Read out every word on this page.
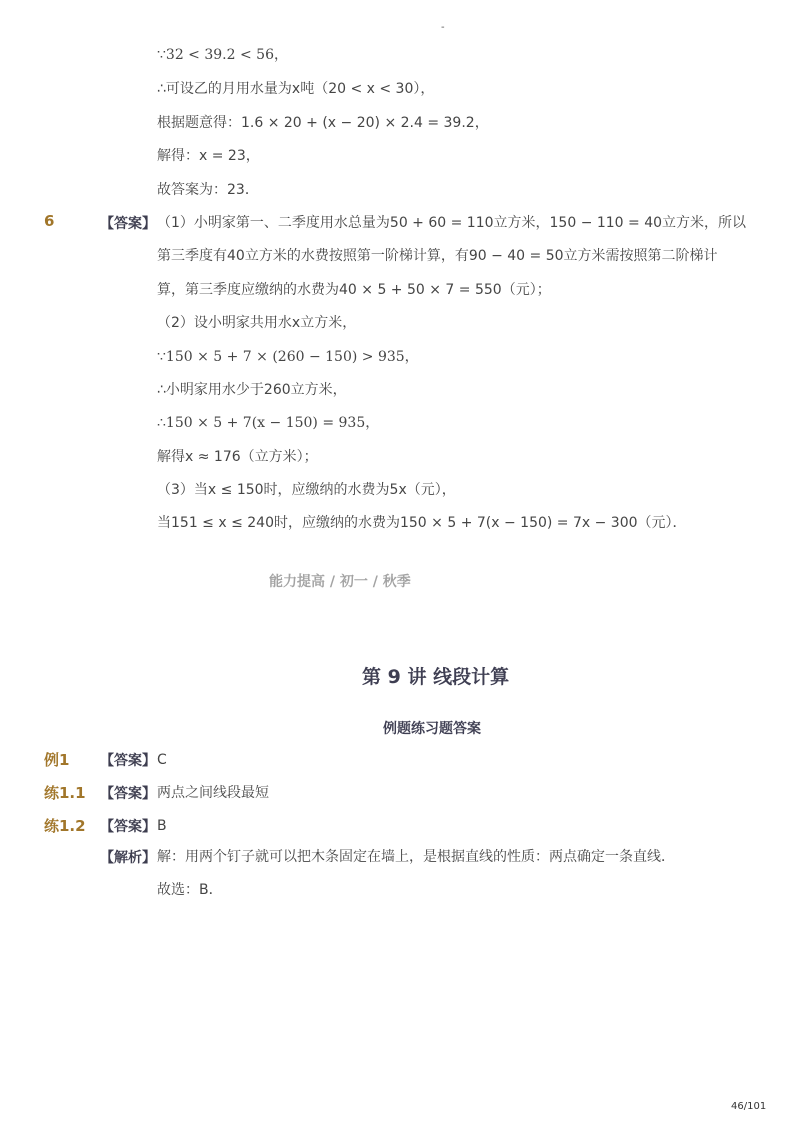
-
∵32 < 39.2 < 56，
∴可设乙的月用水量为x吨（20 < x < 30），
根据题意得：1.6 × 20 + (x − 20) × 2.4 = 39.2，
解得：x = 23，
故答案为：23．
6	【答案】 （1）小明家第一、二季度用水总量为50 + 60 = 110立方米，150 − 110 = 40立方米，所以
第三季度有40立方米的水费按照第一阶梯计算，有90 − 40 = 50立方米需按照第二阶梯计
算，第三季度应缴纳的水费为40 × 5 + 50 × 7 = 550（元）；
（2）设小明家共用水x立方米，
∵150 × 5 + 7 × (260 − 150) > 935，
∴小明家用水少于260立方米，
∴150 × 5 + 7(x − 150) = 935，
解得x ≈ 176（立方米）；
（3）当x ≤ 150时，应缴纳的水费为5x（元），
当151 ≤ x ≤ 240时，应缴纳的水费为150 × 5 + 7(x − 150) = 7x − 300（元）．
能力提高 / 初一 / 秋季
第 9 讲 线段计算
例题练习题答案
例1 【答案】 C
练1.1 【答案】 两点之间线段最短
练1.2 【答案】 B
【解析】 解：用两个钉子就可以把木条固定在墙上，是根据直线的性质：两点确定一条直线．
故选：B．
46/101
